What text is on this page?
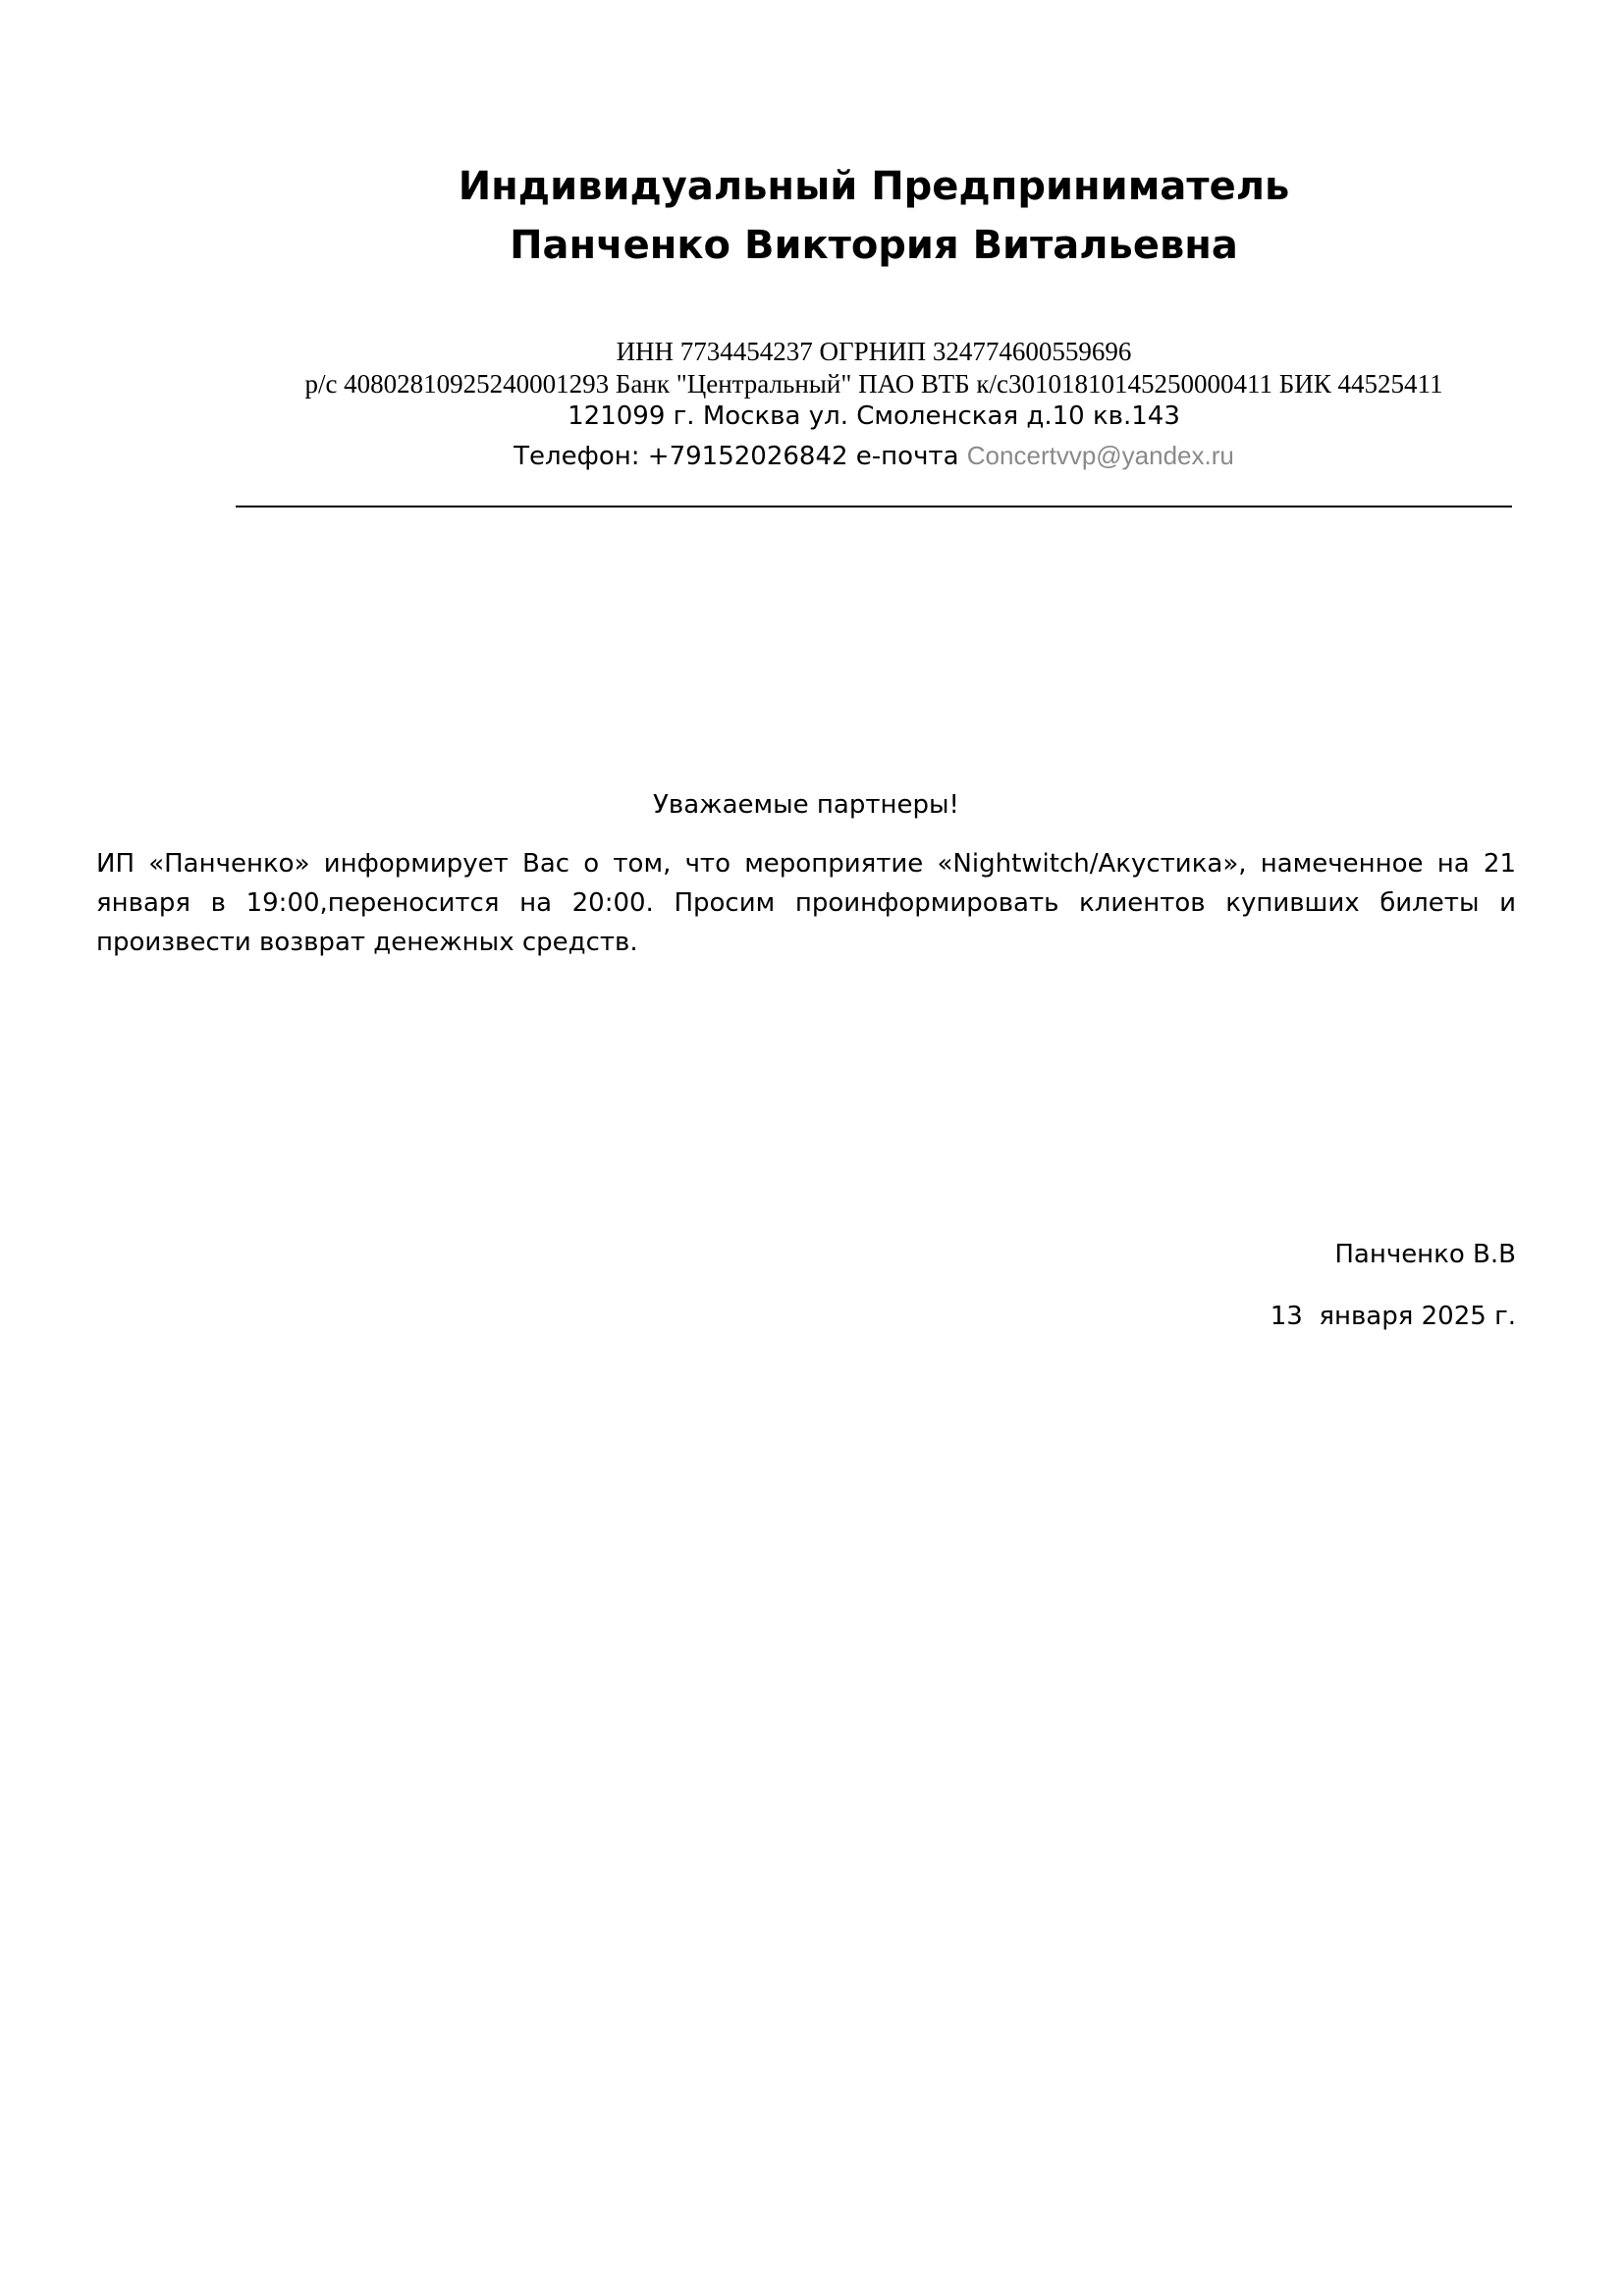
Индивидуальный Предприниматель
Панченко Виктория Витальевна
ИНН 7734454237 ОГРНИП 324774600559696
р/с 40802810925240001293 Банк "Центральный" ПАО ВТБ к/с30101810145250000411 БИК 44525411
121099 г. Москва ул. Смоленская д.10 кв.143
Телефон: +79152026842 е-почта Concertvvp@yandex.ru
Уважаемые партнеры!
ИП «Панченко» информирует Вас о том, что мероприятие «Nightwitch/Акустика», намеченное на 21 января в 19:00,переносится на 20:00. Просим проинформировать клиентов купивших билеты и произвести возврат денежных средств.
Панченко В.В
13  января 2025 г.
